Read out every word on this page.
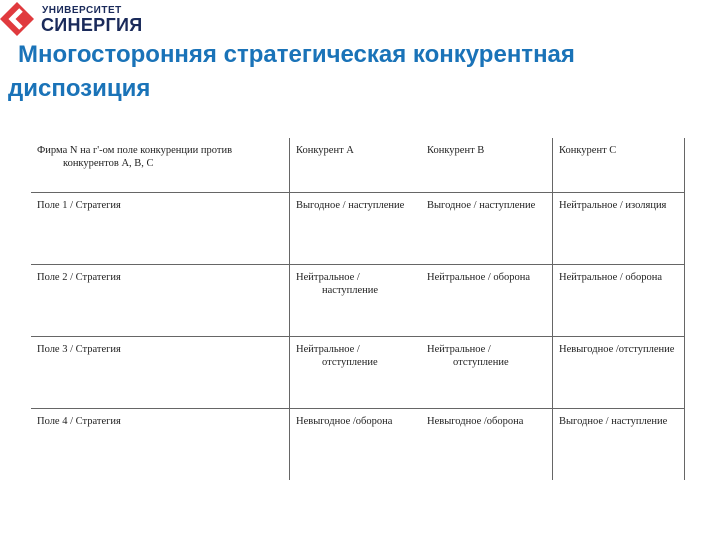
УНИВЕРСИТЕТ
СИНЕРГИЯ
Многосторонняя стратегическая конкурентная
диспозиция
Фирма N на г'-ом поле конкуренции против конкурентов A, B, C	Конкурент A	Конкурент B	Конкурент C

Поле 1 / Стратегия	Выгодное / наступление	Выгодное / наступление	Нейтральное / изоляция

Поле 2 / Стратегия	Нейтральное / наступление	Нейтральное / оборона	Нейтральное / оборона

Поле 3 / Стратегия	Нейтральное / отступление	Нейтральное / отступление	Невыгодное /отступление

Поле 4 / Стратегия	Невыгодное /оборона	Невыгодное /оборона	Выгодное / наступление
